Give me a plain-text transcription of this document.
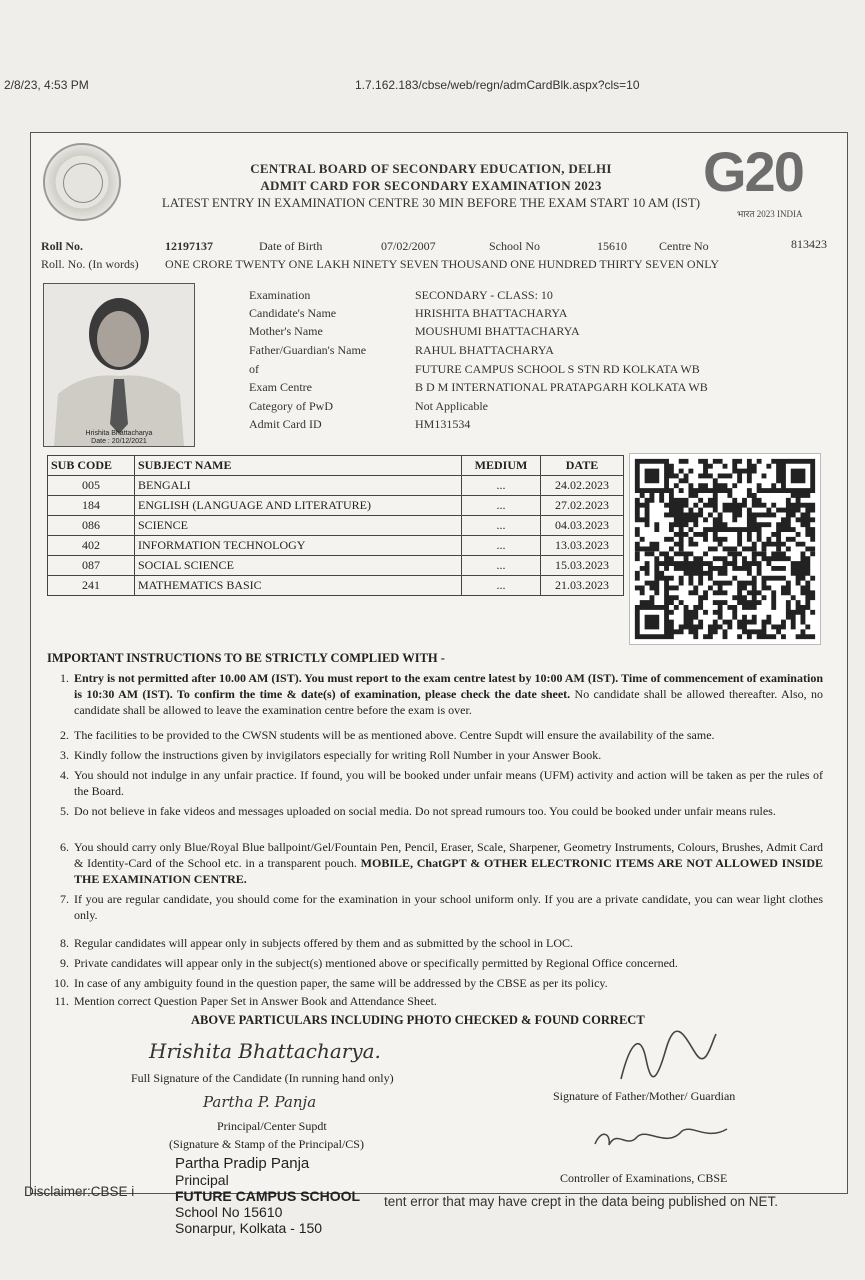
2/8/23, 4:53 PM	1.7.162.183/cbse/web/regn/admCardBlk.aspx?cls=10
CENTRAL BOARD OF SECONDARY EDUCATION, DELHI
ADMIT CARD FOR SECONDARY EXAMINATION 2023
LATEST ENTRY IN EXAMINATION CENTRE 30 MIN BEFORE THE EXAM START 10 AM (IST) G20
भारत 2023 INDIA
Roll No.	12197137	Date of Birth	07/02/2007	School No	15610	Centre No	813423
Roll. No. (In words) ONE CRORE TWENTY ONE LAKH NINETY SEVEN THOUSAND ONE HUNDRED THIRTY SEVEN ONLY
Hrishita Bhattacharya
Date : 20/12/2021
Examination	SECONDARY - CLASS: 10
Candidate's Name	HRISHITA BHATTACHARYA
Mother's Name	MOUSHUMI BHATTACHARYA
Father/Guardian's Name	RAHUL BHATTACHARYA
of	FUTURE CAMPUS SCHOOL S STN RD KOLKATA WB
Exam Centre	B D M INTERNATIONAL PRATAPGARH KOLKATA WB
Category of PwD	Not Applicable
Admit Card ID	HM131534
SUB CODE	SUBJECT NAME	MEDIUM	DATE
005	BENGALI	...	24.02.2023
184	ENGLISH (LANGUAGE AND LITERATURE)	...	27.02.2023
086	SCIENCE	...	04.03.2023
402	INFORMATION TECHNOLOGY	...	13.03.2023
087	SOCIAL SCIENCE	...	15.03.2023
241	MATHEMATICS BASIC	...	21.03.2023
IMPORTANT INSTRUCTIONS TO BE STRICTLY COMPLIED WITH -
1. Entry is not permitted after 10.00 AM (IST). You must report to the exam centre latest by 10:00 AM (IST). Time of commencement of examination is 10:30 AM (IST). To confirm the time & date(s) of examination, please check the date sheet. No candidate shall be allowed thereafter. Also, no candidate shall be allowed to leave the examination centre before the exam is over.
2. The facilities to be provided to the CWSN students will be as mentioned above. Centre Supdt will ensure the availability of the same.
3. Kindly follow the instructions given by invigilators especially for writing Roll Number in your Answer Book.
4. You should not indulge in any unfair practice. If found, you will be booked under unfair means (UFM) activity and action will be taken as per the rules of the Board.
5. Do not believe in fake videos and messages uploaded on social media. Do not spread rumours too. You could be booked under unfair means rules.
6. You should carry only Blue/Royal Blue ballpoint/Gel/Fountain Pen, Pencil, Eraser, Scale, Sharpener, Geometry Instruments, Colours, Brushes, Admit Card & Identity-Card of the School etc. in a transparent pouch. MOBILE, ChatGPT & OTHER ELECTRONIC ITEMS ARE NOT ALLOWED INSIDE THE EXAMINATION CENTRE.
7. If you are regular candidate, you should come for the examination in your school uniform only. If you are a private candidate, you can wear light clothes only.
8. Regular candidates will appear only in subjects offered by them and as submitted by the school in LOC.
9. Private candidates will appear only in the subject(s) mentioned above or specifically permitted by Regional Office concerned.
10. In case of any ambiguity found in the question paper, the same will be addressed by the CBSE as per its policy.
11. Mention correct Question Paper Set in Answer Book and Attendance Sheet.
ABOVE PARTICULARS INCLUDING PHOTO CHECKED & FOUND CORRECT
Hrishita Bhattacharya.
Full Signature of the Candidate (In running hand only)
Signature of Father/Mother/ Guardian
Partha P. Panja
Principal/Center Supdt
(Signature & Stamp of the Principal/CS)
Controller of Examinations, CBSE
Partha Pradip Panja
Principal
FUTURE CAMPUS SCHOOL
School No 15610
Sonarpur, Kolkata - 150
Disclaimer:CBSE i
tent error that may have crept in the data being published on NET.
